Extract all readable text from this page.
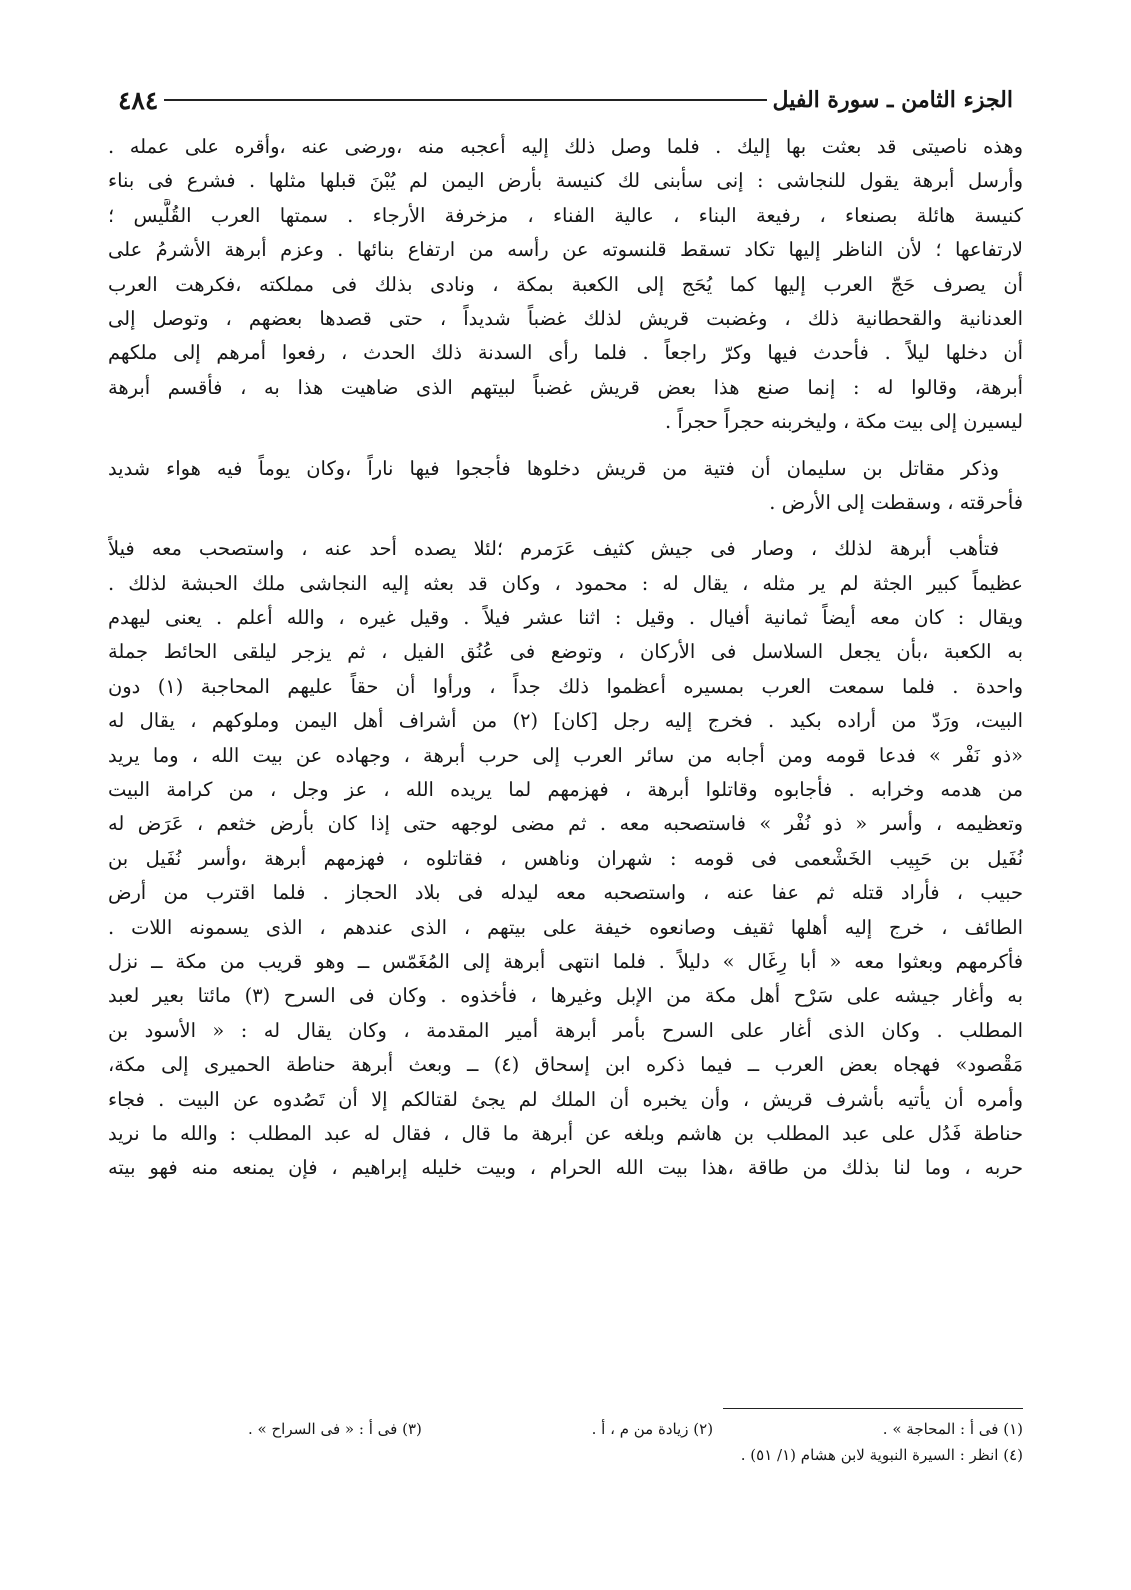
الجزء الثامن ـ سورة الفيل
٤٨٤
وهذه ناصيتى قد بعثت بها إليك . فلما وصل ذلك إليه أعجبه منه ،ورضى عنه ،وأقره على عمله .
وأرسل أبرهة يقول للنجاشى : إنى سأبنى لك كنيسة بأرض اليمن لم يُبْنَ قبلها مثلها . فشرع فى بناء
كنيسة هائلة بصنعاء ، رفيعة البناء ، عالية الفناء ، مزخرفة الأرجاء . سمتها العرب القُلَّيس ؛
لارتفاعها ؛ لأن الناظر إليها تكاد تسقط قلنسوته عن رأسه من ارتفاع بنائها . وعزم أبرهة الأشرمُ على
أن يصرف حَجّ العرب إليها كما يُحَج إلى الكعبة بمكة ، ونادى بذلك فى مملكته ،فكرهت العرب
العدنانية والقحطانية ذلك ، وغضبت قريش لذلك غضباً شديداً ، حتى قصدها بعضهم ، وتوصل إلى
أن دخلها ليلاً . فأحدث فيها وكرّ راجعاً . فلما رأى السدنة ذلك الحدث ، رفعوا أمرهم إلى ملكهم
أبرهة، وقالوا له : إنما صنع هذا بعض قريش غضباً لبيتهم الذى ضاهيت هذا به ، فأقسم أبرهة
ليسيرن إلى بيت مكة ، وليخربنه حجراً حجراً .
وذكر مقاتل بن سليمان أن فتية من قريش دخلوها فأججوا فيها ناراً ،وكان يوماً فيه هواء شديد
فأحرقته ، وسقطت إلى الأرض .
فتأهب أبرهة لذلك ، وصار فى جيش كثيف عَرَمرم ؛لئلا يصده أحد عنه ، واستصحب معه فيلاً
عظيماً كبير الجثة لم ير مثله ، يقال له : محمود ، وكان قد بعثه إليه النجاشى ملك الحبشة لذلك .
ويقال : كان معه أيضاً ثمانية أفيال . وقيل : اثنا عشر فيلاً . وقيل غيره ، والله أعلم . يعنى ليهدم
به الكعبة ،بأن يجعل السلاسل فى الأركان ، وتوضع فى عُنُق الفيل ، ثم يزجر ليلقى الحائط جملة
واحدة . فلما سمعت العرب بمسيره أعظموا ذلك جداً ، ورأوا أن حقاً عليهم المحاجبة (١) دون
البيت، ورَدّ من أراده بكيد . فخرج إليه رجل [كان] (٢) من أشراف أهل اليمن وملوكهم ، يقال له
«ذو نَفْر » فدعا قومه ومن أجابه من سائر العرب إلى حرب أبرهة ، وجهاده عن بيت الله ، وما يريد
من هدمه وخرابه . فأجابوه وقاتلوا أبرهة ، فهزمهم لما يريده الله ، عز وجل ، من كرامة البيت
وتعظيمه ، وأسر « ذو نُفْر » فاستصحبه معه . ثم مضى لوجهه حتى إذا كان بأرض خثعم ، عَرَض له
نُفَيل بن حَبِيب الخَشْعمى فى قومه : شهران وناهس ، فقاتلوه ، فهزمهم أبرهة ،وأسر نُفَيل بن
حبيب ، فأراد قتله ثم عفا عنه ، واستصحبه معه ليدله فى بلاد الحجاز . فلما اقترب من أرض
الطائف ، خرج إليه أهلها ثقيف وصانعوه خيفة على بيتهم ، الذى عندهم ، الذى يسمونه اللات .
فأكرمهم وبعثوا معه « أبا رِغَال » دليلاً . فلما انتهى أبرهة إلى المُغَمّس ــ وهو قريب من مكة ــ نزل
به وأغار جيشه على سَرْح أهل مكة من الإبل وغيرها ، فأخذوه . وكان فى السرح (٣) مائتا بعير لعبد
المطلب . وكان الذى أغار على السرح بأمر أبرهة أمير المقدمة ، وكان يقال له : « الأسود بن
مَقْصود» فهجاه بعض العرب ــ فيما ذكره ابن إسحاق (٤) ــ وبعث أبرهة حناطة الحميرى إلى مكة،
وأمره أن يأتيه بأشرف قريش ، وأن يخبره أن الملك لم يجئ لقتالكم إلا أن تَصُدوه عن البيت . فجاء
حناطة فَدُل على عبد المطلب بن هاشم وبلغه عن أبرهة ما قال ، فقال له عبد المطلب : والله ما نريد
حربه ، وما لنا بذلك من طاقة ،هذا بيت الله الحرام ، وبيت خليله إبراهيم ، فإن يمنعه منه فهو بيته
(١) فى أ : المحاجة » .
(٢) زيادة من م ، أ .
(٣) فى أ : « فى السراح » .
(٤) انظر : السيرة النبوية لابن هشام (١/ ٥١) .
